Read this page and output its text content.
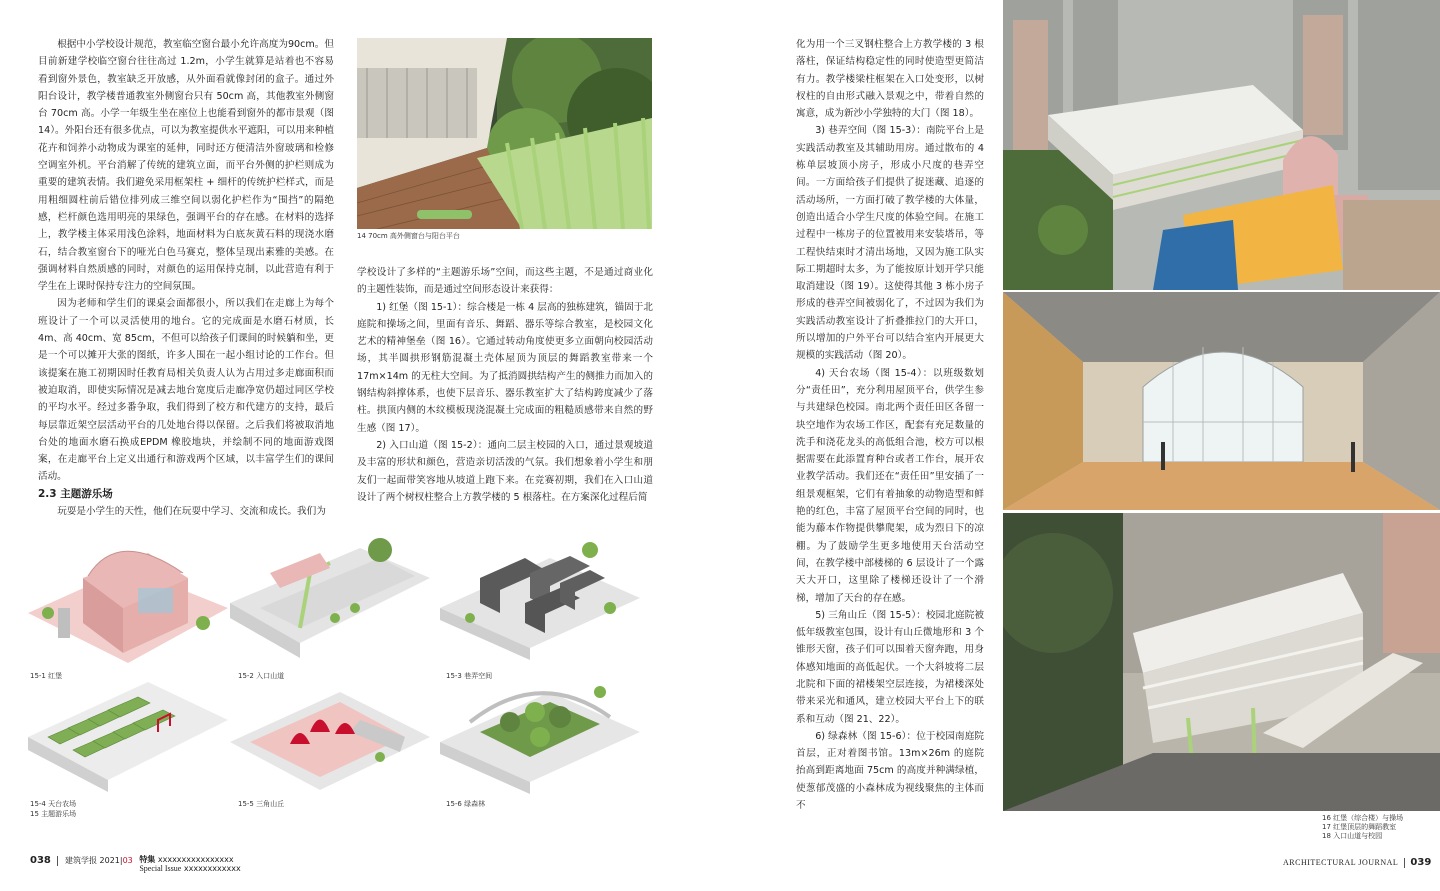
根据中小学校设计规范，教室临空窗台最小允许高度为90cm。但目前新建学校临空窗台往往高过 1.2m，小学生就算是站着也不容易看到窗外景色，教室缺乏开放感，从外面看就像封闭的盒子。通过外阳台设计，教学楼普通教室外侧窗台只有 50cm 高，其他教室外侧窗台 70cm 高。小学一年级生坐在座位上也能看到窗外的都市景观（图 14）。外阳台还有很多优点，可以为教室提供水平遮阳，可以用来种植花卉和饲养小动物成为课室的延伸，同时还方便清洁外窗玻璃和检修空调室外机。平台消解了传统的建筑立面，而平台外侧的护栏则成为重要的建筑表情。我们避免采用框架柱 + 细杆的传统护栏样式，而是用粗细圆柱前后错位排列成三维空间以弱化护栏作为“围挡”的隔绝感，栏杆颜色选用明亮的果绿色，强调平台的存在感。在材料的选择上，教学楼主体采用浅色涂料，地面材料为白底灰黄石料的现浇水磨石，结合教室窗台下的哑光白色马赛克，整体呈现出素雅的美感。在强调材料自然质感的同时，对颜色的运用保持克制，以此营造有利于学生在上课时保持专注力的空间氛围。

因为老师和学生们的课桌会面都很小，所以我们在走廊上为每个班设计了一个可以灵活使用的地台。它的完成面是水磨石材质，长4m、高 40cm、宽 85cm，不但可以给孩子们课间的时候躺和坐，更是一个可以摊开大张的图纸，许多人围在一起小组讨论的工作台。但该提案在施工初期因时任教育局相关负责人认为占用过多走廊面积而被迫取消，即使实际情况是减去地台宽度后走廊净宽仍超过同区学校的平均水平。经过多番争取，我们得到了校方和代建方的支持，最后每层靠近架空层活动平台的几处地台得以保留。之后我们将被取消地台处的地面水磨石换成EPDM 橡胶地块，并绘制不同的地面游戏图案，在走廊平台上定义出通行和游戏两个区域，以丰富学生们的课间活动。

2.3 主题游乐场

玩耍是小学生的天性，他们在玩耍中学习、交流和成长。我们为

14 70cm 高外侧窗台与阳台平台

学校设计了多样的“主题游乐场”空间，而这些主题，不是通过商业化的主题性装饰，而是通过空间形态设计来获得：

1) 红堡（图 15-1）：综合楼是一栋 4 层高的独栋建筑，锚固于北庭院和操场之间，里面有音乐、舞蹈、器乐等综合教室，是校园文化艺术的精神堡垒（图 16）。它通过转动角度使更多立面朝向校园活动场，其半圆拱形钢筋混凝土壳体屋顶为顶层的舞蹈教室带来一个17m×14m 的无柱大空间。为了抵消圆拱结构产生的侧推力而加入的钢结构斜撑体系，也使下层音乐、器乐教室扩大了结构跨度减少了落柱。拱顶内侧的木纹模板现浇混凝土完成面的粗糙质感带来自然的野生感（图 17）。

2) 入口山道（图 15-2）：通向二层主校园的入口，通过景观坡道及丰富的形状和颜色，营造亲切活泼的气氛。我们想象着小学生和朋友们一起面带笑容地从坡道上跑下来。在竞赛初期，我们在入口山道设计了两个树杈柱整合上方教学楼的 5 根落柱。在方案深化过程后简

15-1 红堡	15-2 入口山道	15-3 巷弄空间
15-4 天台农场
15 主题游乐场
15-5 三角山丘	15-6 绿森林

化为用一个三叉钢柱整合上方教学楼的 3 根落柱，保证结构稳定性的同时使造型更简洁有力。教学楼梁柱框架在入口处变形，以树杈柱的自由形式融入景观之中，带着自然的寓意，成为新沙小学独特的大门（图 18）。

3) 巷弄空间（图 15-3）：南院平台上是实践活动教室及其辅助用房。通过散布的 4 栋单层坡顶小房子，形成小尺度的巷弄空间。一方面给孩子们提供了捉迷藏、追逐的活动场所，一方面打破了教学楼的大体量，创造出适合小学生尺度的体验空间。在施工过程中一栋房子的位置被用来安装塔吊，等工程快结束时才清出场地，又因为施工队实际工期超时太多，为了能按原计划开学只能取消建设（图 19）。这使得其他 3 栋小房子形成的巷弄空间被弱化了，不过因为我们为实践活动教室设计了折叠推拉门的大开口，所以增加的户外平台可以结合室内开展更大规模的实践活动（图 20）。

4) 天台农场（图 15-4）：以班级数划分“责任田”，充分利用屋顶平台，供学生参与共建绿色校园。南北两个责任田区各留一块空地作为农场工作区，配套有充足数量的洗手和浇花龙头的高低组合池，校方可以根据需要在此添置育种台或者工作台，展开农业教学活动。我们还在“责任田”里安插了一组景观框架，它们有着抽象的动物造型和鲜艳的红色，丰富了屋顶平台空间的同时，也能为藤本作物提供攀爬架，成为烈日下的凉棚。为了鼓励学生更多地使用天台活动空间，在教学楼中部楼梯的 6 层设计了一个露天大开口，这里除了楼梯还设计了一个滑梯，增加了天台的存在感。

5) 三角山丘（图 15-5）：校园北庭院被低年级教室包围，设计有山丘微地形和 3 个锥形天窗，孩子们可以围着天窗奔跑，用身体感知地面的高低起伏。一个大斜坡将二层北院和下面的裙楼架空层连接，为裙楼深处带来采光和通风，建立校园大平台上下的联系和互动（图 21、22）。

6) 绿森林（图 15-6）：位于校园南庭院首层，正对着图书馆。13m×26m 的庭院抬高到距离地面 75cm 的高度并种满绿植，使葱郁茂盛的小森林成为视线聚焦的主体而不

16 红堡（综合楼）与操场
17 红堡顶层的舞蹈教室
18 入口山道与校园
038 建筑学报 2021|03 特集 xxxxxxxxxxxxxxxx
Special Issue xxxxxxxxxxxx
ARCHITECTURAL JOURNAL 039
